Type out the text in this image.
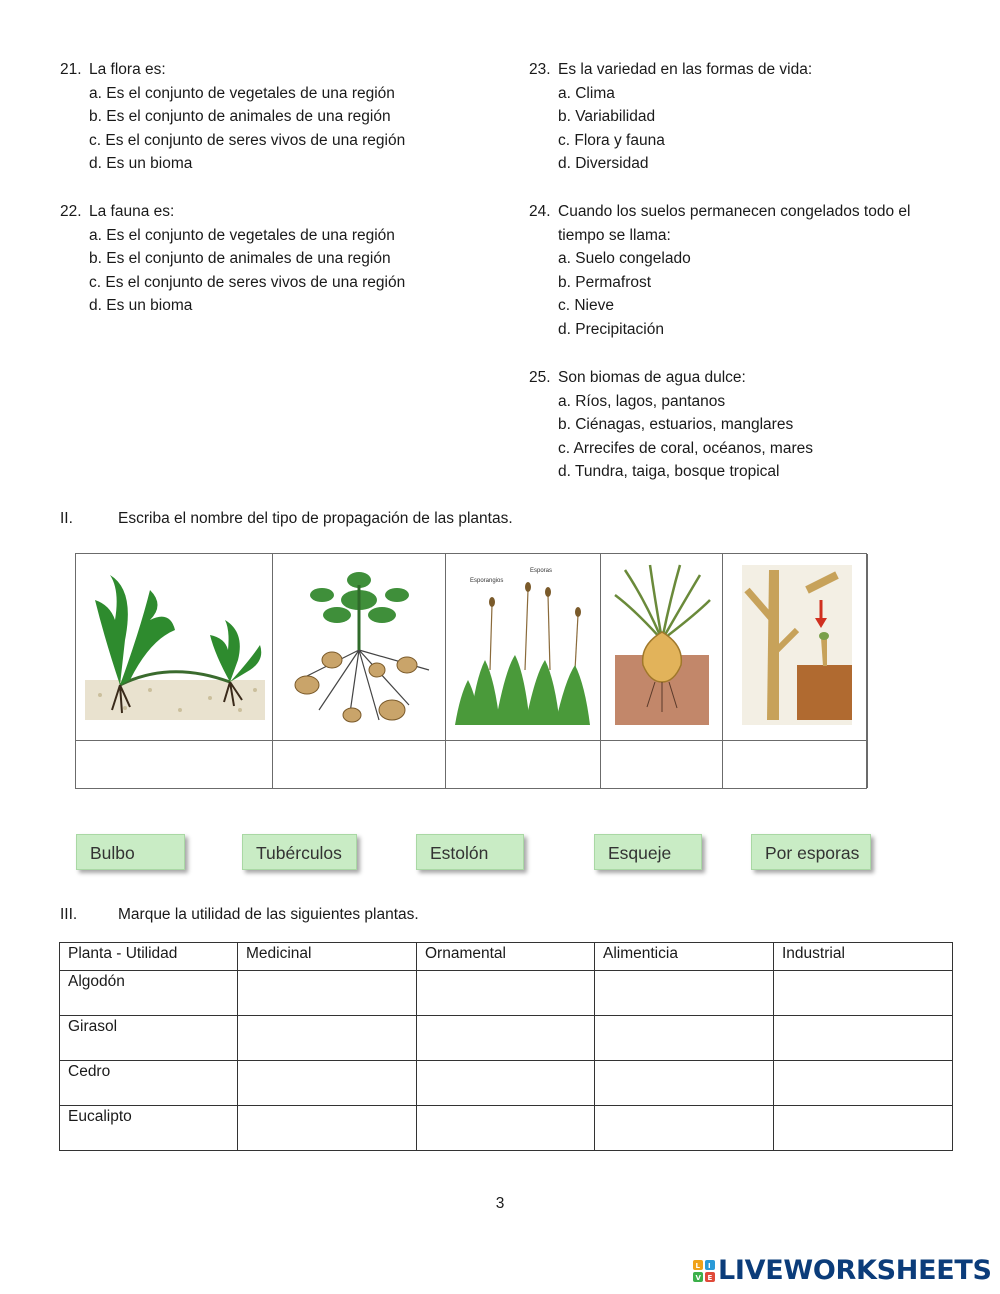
21. La flora es:
a. Es el conjunto de vegetales de una región
b. Es el conjunto de animales de una región
c. Es el conjunto de seres vivos de una región
d. Es un bioma
22. La fauna es:
a. Es el conjunto de vegetales de una región
b. Es el conjunto de animales de una región
c. Es el conjunto de seres vivos de una región
d. Es un bioma
23. Es la variedad en las formas de vida:
a. Clima
b. Variabilidad
c. Flora y fauna
d. Diversidad
24. Cuando los suelos permanecen congelados todo el tiempo se llama:
a. Suelo congelado
b. Permafrost
c. Nieve
d. Precipitación
25. Son biomas de agua dulce:
a. Ríos, lagos, pantanos
b. Ciénagas, estuarios, manglares
c. Arrecifes de coral, océanos, mares
d. Tundra, taiga, bosque tropical
II.	Escriba el nombre del tipo de propagación de las plantas.
Esporangios
Esporas
Bulbo	Tubérculos	Estolón	Esqueje	Por esporas
III.	Marque la utilidad de las siguientes plantas.
Planta - Utilidad	Medicinal	Ornamental	Alimenticia	Industrial
Algodón				
Girasol				
Cedro				
Eucalipto				
3
L I
V E LIVEWORKSHEETS
